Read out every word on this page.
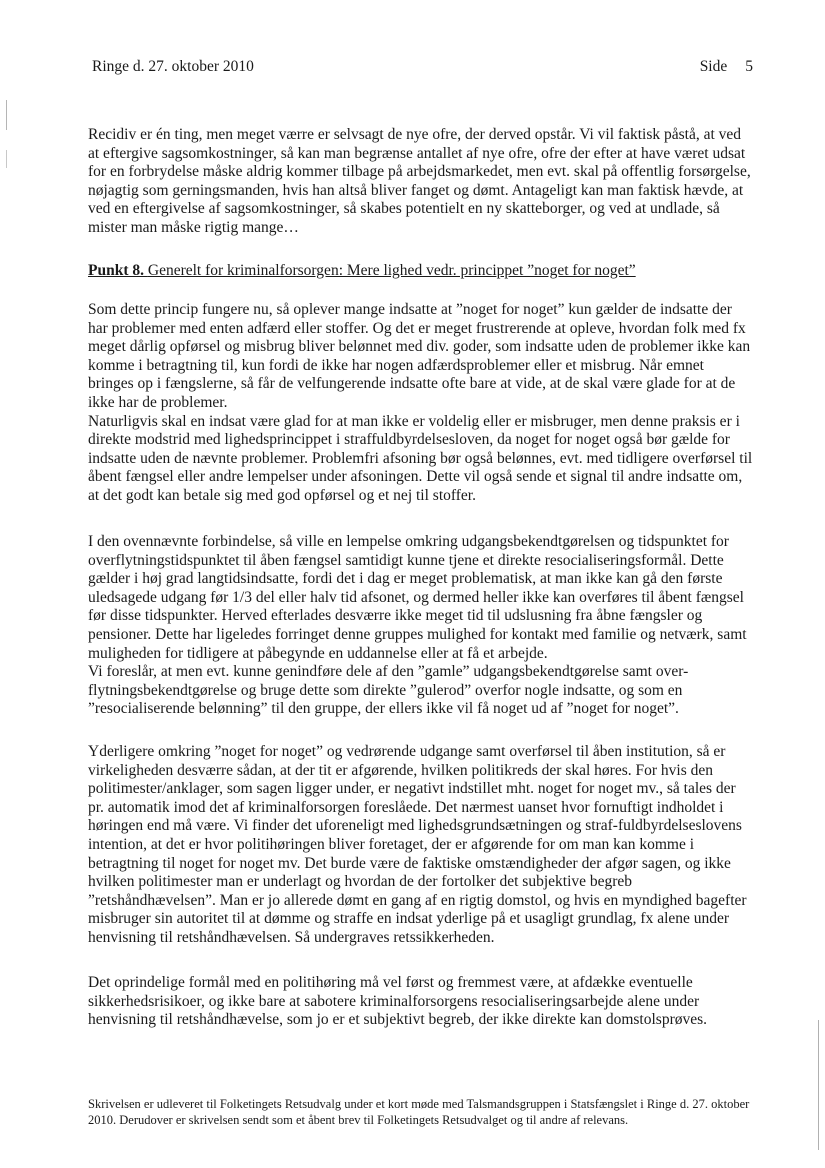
Ringe d. 27. oktober 2010	Side 5

Recidiv er én ting, men meget værre er selvsagt de nye ofre, der derved opstår. Vi vil faktisk påstå, at ved at eftergive sagsomkostninger, så kan man begrænse antallet af nye ofre, ofre der efter at have været udsat for en forbrydelse måske aldrig kommer tilbage på arbejdsmarkedet, men evt. skal på offentlig forsørgelse, nøjagtig som gerningsmanden, hvis han altså bliver fanget og dømt. Antageligt kan man faktisk hævde, at ved en eftergivelse af sagsomkostninger, så skabes potentielt en ny skatteborger, og ved at undlade, så mister man måske rigtig mange…

Punkt 8. Generelt for kriminalforsorgen: Mere lighed vedr. princippet ”noget for noget”

Som dette princip fungere nu, så oplever mange indsatte at ”noget for noget” kun gælder de indsatte der har problemer med enten adfærd eller stoffer. Og det er meget frustrerende at opleve, hvordan folk med fx meget dårlig opførsel og misbrug bliver belønnet med div. goder, som indsatte uden de problemer ikke kan komme i betragtning til, kun fordi de ikke har nogen adfærdsproblemer eller et misbrug. Når emnet bringes op i fængslerne, så får de velfungerende indsatte ofte bare at vide, at de skal være glade for at de ikke har de problemer.

Naturligvis skal en indsat være glad for at man ikke er voldelig eller er misbruger, men denne praksis er i direkte modstrid med lighedsprincippet i straffuldbyrdelsesloven, da noget for noget også bør gælde for indsatte uden de nævnte problemer. Problemfri afsoning bør også belønnes, evt. med tidligere overførsel til åbent fængsel eller andre lempelser under afsoningen. Dette vil også sende et signal til andre indsatte om, at det godt kan betale sig med god opførsel og et nej til stoffer.

I den ovennævnte forbindelse, så ville en lempelse omkring udgangsbekendtgørelsen og tidspunktet for overflytningstidspunktet til åben fængsel samtidigt kunne tjene et direkte resocialiseringsformål. Dette gælder i høj grad langtidsindsatte, fordi det i dag er meget problematisk, at man ikke kan gå den første uledsagede udgang før 1/3 del eller halv tid afsonet, og dermed heller ikke kan overføres til åbent fængsel før disse tidspunkter. Herved efterlades desværre ikke meget tid til udslusning fra åbne fængsler og pensioner. Dette har ligeledes forringet denne gruppes mulighed for kontakt med familie og netværk, samt muligheden for tidligere at påbegynde en uddannelse eller at få et arbejde.

Vi foreslår, at men evt. kunne genindføre dele af den ”gamle” udgangsbekendtgørelse samt over-flytningsbekendtgørelse og bruge dette som direkte ”gulerod” overfor nogle indsatte, og som en ”resocialiserende belønning” til den gruppe, der ellers ikke vil få noget ud af ”noget for noget”.

Yderligere omkring ”noget for noget” og vedrørende udgange samt overførsel til åben institution, så er virkeligheden desværre sådan, at der tit er afgørende, hvilken politikreds der skal høres. For hvis den politimester/anklager, som sagen ligger under, er negativt indstillet mht. noget for noget mv., så tales der pr. automatik imod det af kriminalforsorgen foreslåede. Det nærmest uanset hvor fornuftigt indholdet i høringen end må være. Vi finder det uforeneligt med lighedsgrundsætningen og straf-fuldbyrdelseslovens intention, at det er hvor politihøringen bliver foretaget, der er afgørende for om man kan komme i betragtning til noget for noget mv. Det burde være de faktiske omstændigheder der afgør sagen, og ikke hvilken politimester man er underlagt og hvordan de der fortolker det subjektive begreb ”retshåndhævelsen”. Man er jo allerede dømt en gang af en rigtig domstol, og hvis en myndighed bagefter misbruger sin autoritet til at dømme og straffe en indsat yderlige på et usagligt grundlag, fx alene under henvisning til retshåndhævelsen. Så undergraves retssikkerheden.

Det oprindelige formål med en politihøring må vel først og fremmest være, at afdække eventuelle sikkerhedsrisikoer, og ikke bare at sabotere kriminalforsorgens resocialiseringsarbejde alene under henvisning til retshåndhævelse, som jo er et subjektivt begreb, der ikke direkte kan domstolsprøves.

Skrivelsen er udleveret til Folketingets Retsudvalg under et kort møde med Talsmandsgruppen i Statsfængslet i Ringe d. 27. oktober 2010. Derudover er skrivelsen sendt som et åbent brev til Folketingets Retsudvalget og til andre af relevans.
